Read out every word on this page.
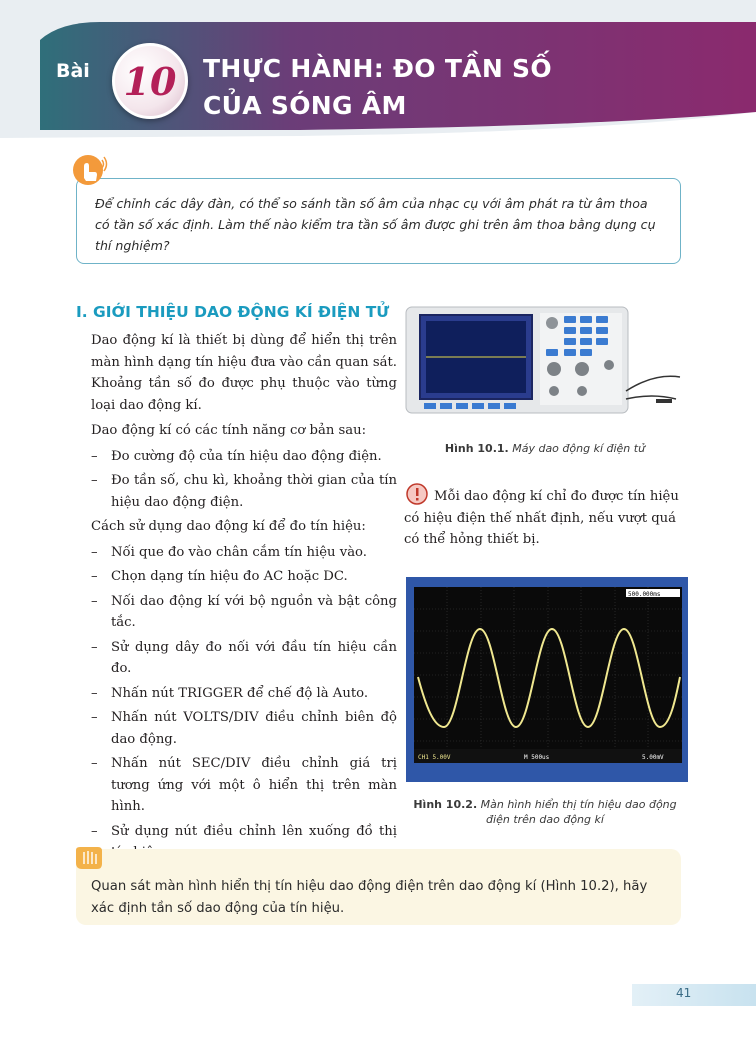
Bài 10 THỰC HÀNH: ĐO TẦN SỐ
CỦA SÓNG ÂM
Để chỉnh các dây đàn, có thể so sánh tần số âm của nhạc cụ với âm phát ra từ âm thoa có tần số xác định. Làm thế nào kiểm tra tần số âm được ghi trên âm thoa bằng dụng cụ thí nghiệm?
I. GIỚI THIỆU DAO ĐỘNG KÍ ĐIỆN TỬ

Dao động kí là thiết bị dùng để hiển thị trên màn hình dạng tín hiệu đưa vào cần quan sát. Khoảng tần số đo được phụ thuộc vào từng loại dao động kí.

Dao động kí có các tính năng cơ bản sau:

– Đo cường độ của tín hiệu dao động điện.
– Đo tần số, chu kì, khoảng thời gian của tín hiệu dao động điện.

Cách sử dụng dao động kí để đo tín hiệu:

– Nối que đo vào chân cắm tín hiệu vào.
– Chọn dạng tín hiệu đo AC hoặc DC.
– Nối dao động kí với bộ nguồn và bật công tắc.
– Sử dụng dây đo nối với đầu tín hiệu cần đo.
– Nhấn nút TRIGGER để chế độ là Auto.
– Nhấn nút VOLTS/DIV điều chỉnh biên độ dao động.
– Nhấn nút SEC/DIV điều chỉnh giá trị tương ứng với một ô hiển thị trên màn hình.
– Sử dụng nút điều chỉnh lên xuống đồ thị
Hình 10.1. Máy dao động kí điện tử
Mỗi dao động kí chỉ đo được tín hiệu có hiệu điện thế nhất định, nếu vượt quá có thể hỏng thiết bị.
500.000ms
CH1 5.00V	M 500us	5.00mV
Hình 10.2. Màn hình hiển thị tín hiệu dao động
điện trên dao động kí
Quan sát màn hình hiển thị tín hiệu dao động điện trên dao động kí (Hình 10.2), hãy xác định tần số dao động của tín hiệu.
41
